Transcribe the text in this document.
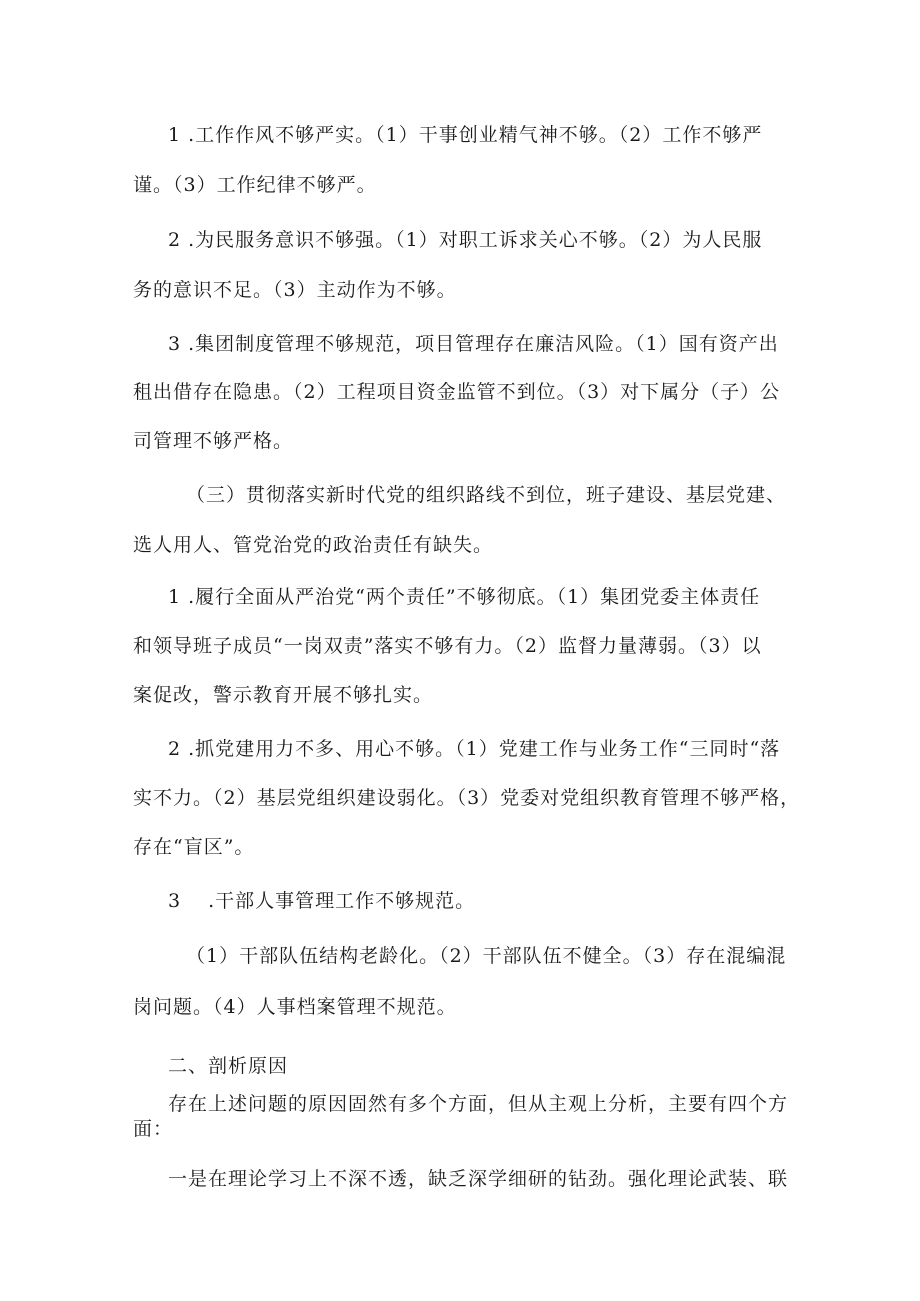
1 .工作作风不够严实。（1）干事创业精气神不够。（2）工作不够严
谨。（3）工作纪律不够严。
2 .为民服务意识不够强。（1）对职工诉求关心不够。（2）为人民服
务的意识不足。（3）主动作为不够。
3 .集团制度管理不够规范，项目管理存在廉洁风险。（1）国有资产出
租出借存在隐患。（2）工程项目资金监管不到位。（3）对下属分（子）公
司管理不够严格。
（三）贯彻落实新时代党的组织路线不到位，班子建设、基层党建、
选人用人、管党治党的政治责任有缺失。
1 .履行全面从严治党“两个责任”不够彻底。（1）集团党委主体责任
和领导班子成员“一岗双责”落实不够有力。（2）监督力量薄弱。（3）以
案促改，警示教育开展不够扎实。
2 .抓党建用力不多、用心不够。（1）党建工作与业务工作“三同时“落
实不力。（2）基层党组织建设弱化。（3）党委对党组织教育管理不够严格，
存在“盲区”。
3　 .干部人事管理工作不够规范。
（1）干部队伍结构老龄化。（2）干部队伍不健全。（3）存在混编混
岗问题。（4）人事档案管理不规范。
二、剖析原因
存在上述问题的原因固然有多个方面，但从主观上分析，主要有四个方
面：
一是在理论学习上不深不透，缺乏深学细研的钻劲。强化理论武装、联
